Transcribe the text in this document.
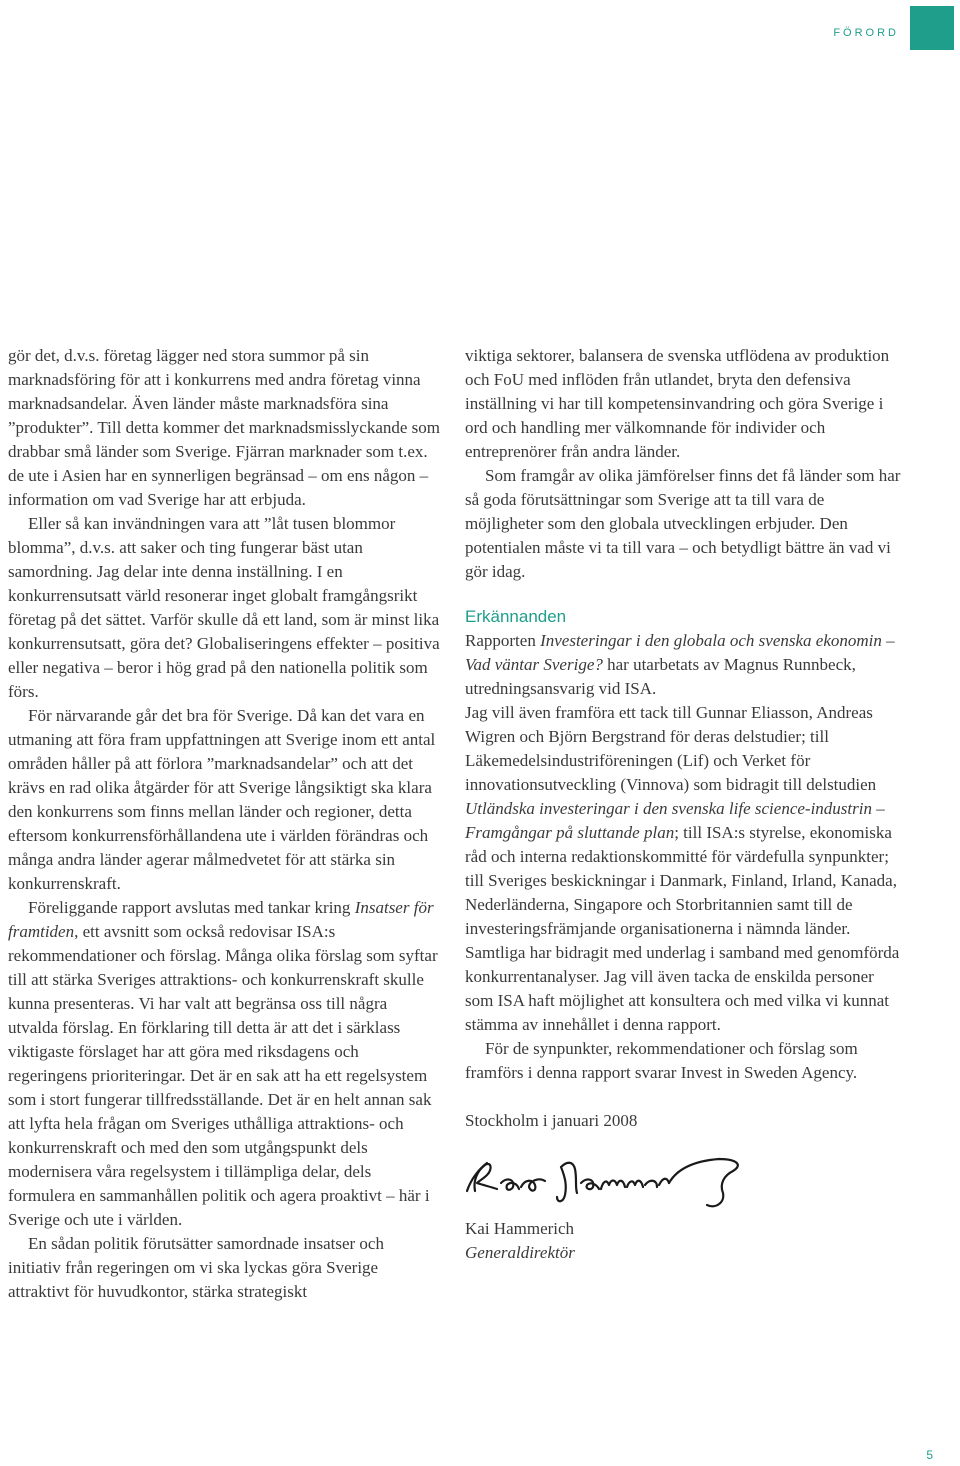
FÖRORD

gör det, d.v.s. företag lägger ned stora summor på sin marknadsföring för att i konkurrens med andra företag vinna marknadsandelar. Även länder måste marknadsföra sina ”produkter”. Till detta kommer det marknadsmisslyckande som drabbar små länder som Sverige. Fjärran marknader som t.ex. de ute i Asien har en synnerligen begränsad – om ens någon – information om vad Sverige har att erbjuda.

Eller så kan invändningen vara att ”låt tusen blommor blomma”, d.v.s. att saker och ting fungerar bäst utan samordning. Jag delar inte denna inställning. I en konkurrensutsatt värld resonerar inget globalt framgångsrikt företag på det sättet. Varför skulle då ett land, som är minst lika konkurrensutsatt, göra det? Globaliseringens effekter – positiva eller negativa – beror i hög grad på den nationella politik som förs.

För närvarande går det bra för Sverige. Då kan det vara en utmaning att föra fram uppfattningen att Sverige inom ett antal områden håller på att förlora ”marknadsandelar” och att det krävs en rad olika åtgärder för att Sverige långsiktigt ska klara den konkurrens som finns mellan länder och regioner, detta eftersom konkurrensförhållandena ute i världen förändras och många andra länder agerar målmedvetet för att stärka sin konkurrenskraft.

Föreliggande rapport avslutas med tankar kring Insatser för framtiden, ett avsnitt som också redovisar ISA:s rekommendationer och förslag. Många olika förslag som syftar till att stärka Sveriges attraktions- och konkurrenskraft skulle kunna presenteras. Vi har valt att begränsa oss till några utvalda förslag. En förklaring till detta är att det i särklass viktigaste förslaget har att göra med riksdagens och regeringens prioriteringar. Det är en sak att ha ett regelsystem som i stort fungerar tillfredsställande. Det är en helt annan sak att lyfta hela frågan om Sveriges uthålliga attraktions- och konkurrenskraft och med den som utgångspunkt dels modernisera våra regelsystem i tillämpliga delar, dels formulera en sammanhållen politik och agera proaktivt – här i Sverige och ute i världen.

En sådan politik förutsätter samordnade insatser och initiativ från regeringen om vi ska lyckas göra Sverige attraktivt för huvudkontor, stärka strategiskt

viktiga sektorer, balansera de svenska utflödena av produktion och FoU med inflöden från utlandet, bryta den defensiva inställning vi har till kompetensinvandring och göra Sverige i ord och handling mer välkomnande för individer och entreprenörer från andra länder.

Som framgår av olika jämförelser finns det få länder som har så goda förutsättningar som Sverige att ta till vara de möjligheter som den globala utvecklingen erbjuder. Den potentialen måste vi ta till vara – och betydligt bättre än vad vi gör idag.

Erkännanden

Rapporten Investeringar i den globala och svenska ekonomin – Vad väntar Sverige? har utarbetats av Magnus Runnbeck, utredningsansvarig vid ISA.

Jag vill även framföra ett tack till Gunnar Eliasson, Andreas Wigren och Björn Bergstrand för deras delstudier; till Läkemedelsindustriföreningen (Lif) och Verket för innovationsutveckling (Vinnova) som bidragit till delstudien Utländska investeringar i den svenska life science-industrin – Framgångar på sluttande plan; till ISA:s styrelse, ekonomiska råd och interna redaktionskommitté för värdefulla synpunkter; till Sveriges beskickningar i Danmark, Finland, Irland, Kanada, Nederländerna, Singapore och Storbritannien samt till de investeringsfrämjande organisationerna i nämnda länder. Samtliga har bidragit med underlag i samband med genomförda konkurrentanalyser. Jag vill även tacka de enskilda personer som ISA haft möjlighet att konsultera och med vilka vi kunnat stämma av innehållet i denna rapport.

För de synpunkter, rekommendationer och förslag som framförs i denna rapport svarar Invest in Sweden Agency.

Stockholm i januari 2008

Kai Hammerich

Generaldirektör

5
